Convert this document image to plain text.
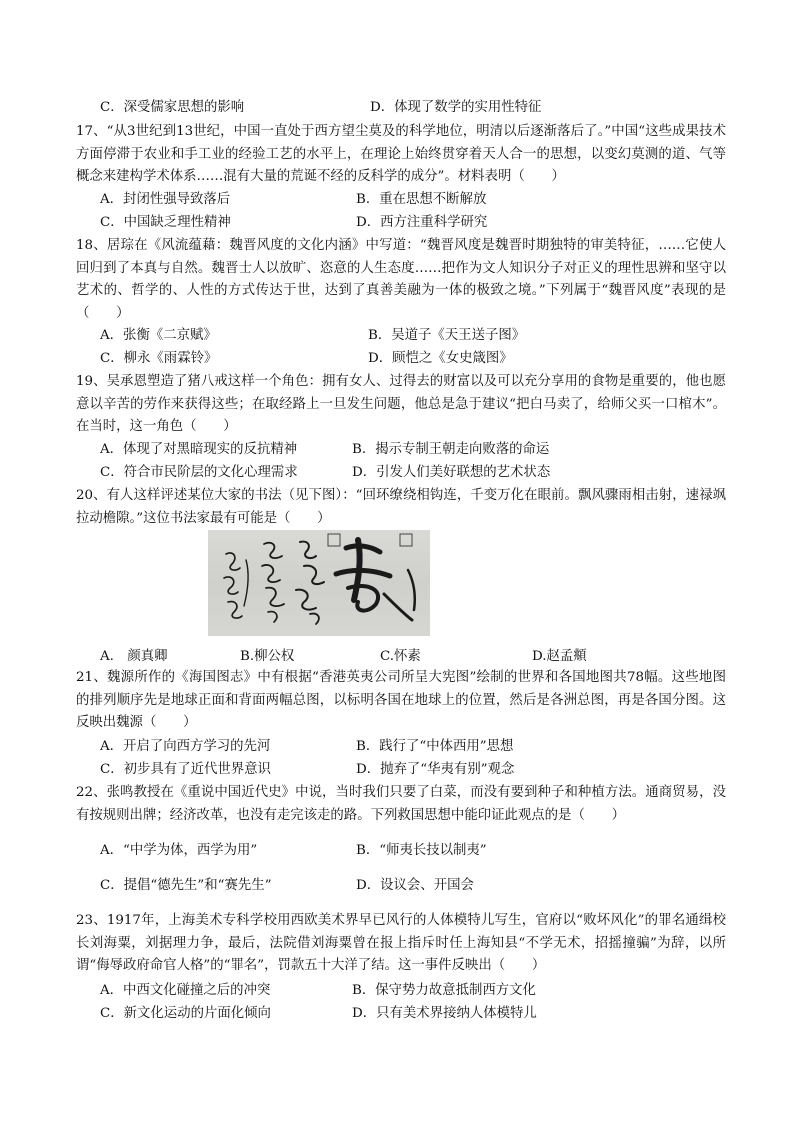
C．深受儒家思想的影响	D．体现了数学的实用性特征
17、“从3世纪到13世纪，中国一直处于西方望尘莫及的科学地位，明清以后逐渐落后了。”中国“这些成果技术方面停滞于农业和手工业的经验工艺的水平上，在理论上始终贯穿着天人合一的思想，以变幻莫测的道、气等概念来建构学术体系……混有大量的荒诞不经的反科学的成分”。材料表明（　　）
A．封闭性强导致落后	B．重在思想不断解放
C．中国缺乏理性精神	D．西方注重科学研究
18、居琮在《风流蕴藉：魏晋风度的文化内涵》中写道：“魏晋风度是魏晋时期独特的审美特征，……它使人回归到了本真与自然。魏晋士人以放旷、恣意的人生态度……把作为文人知识分子对正义的理性思辨和坚守以艺术的、哲学的、人性的方式传达于世，达到了真善美融为一体的极致之境。”下列属于“魏晋风度”表现的是（　　）
A．张衡《二京赋》	B．吴道子《天王送子图》
C．柳永《雨霖铃》	D．顾恺之《女史箴图》
19、吴承恩塑造了猪八戒这样一个角色：拥有女人、过得去的财富以及可以充分享用的食物是重要的，他也愿意以辛苦的劳作来获得这些；在取经路上一旦发生问题，他总是急于建议“把白马卖了，给师父买一口棺木”。在当时，这一角色（　　）
A．体现了对黑暗现实的反抗精神	B．揭示专制王朝走向败落的命运
C．符合市民阶层的文化心理需求	D．引发人们美好联想的艺术状态
20、有人这样评述某位大家的书法（见下图）：“回环缭绕相钩连，千变万化在眼前。飘风骤雨相击射，速禄飒拉动檐隙。”这位书法家最有可能是（　　）
A.　颜真卿	B.柳公权	C.怀素	D.赵孟頫
21、魏源所作的《海国图志》中有根据“香港英夷公司所呈大宪图”绘制的世界和各国地图共78幅。这些地图的排列顺序先是地球正面和背面两幅总图，以标明各国在地球上的位置，然后是各洲总图，再是各国分图。这反映出魏源（　　）
A．开启了向西方学习的先河	B．践行了“中体西用”思想
C．初步具有了近代世界意识	D．抛弃了“华夷有别”观念
22、张鸣教授在《重说中国近代史》中说，当时我们只要了白菜，而没有要到种子和种植方法。通商贸易，没有按规则出牌；经济改革，也没有走完该走的路。下列救国思想中能印证此观点的是（　　）
A．“中学为体，西学为用”	B．“师夷长技以制夷”
C．提倡“德先生”和“赛先生”	D．设议会、开国会
23、1917年，上海美术专科学校用西欧美术界早已风行的人体模特儿写生，官府以“败坏风化”的罪名通缉校长刘海粟，刘据理力争，最后，法院借刘海粟曾在报上指斥时任上海知县“不学无术，招摇撞骗”为辞，以所谓“侮辱政府命官人格”的“罪名”，罚款五十大洋了结。这一事件反映出（　　）
A．中西文化碰撞之后的冲突	B．保守势力故意抵制西方文化
C．新文化运动的片面化倾向	D．只有美术界接纳人体模特儿
